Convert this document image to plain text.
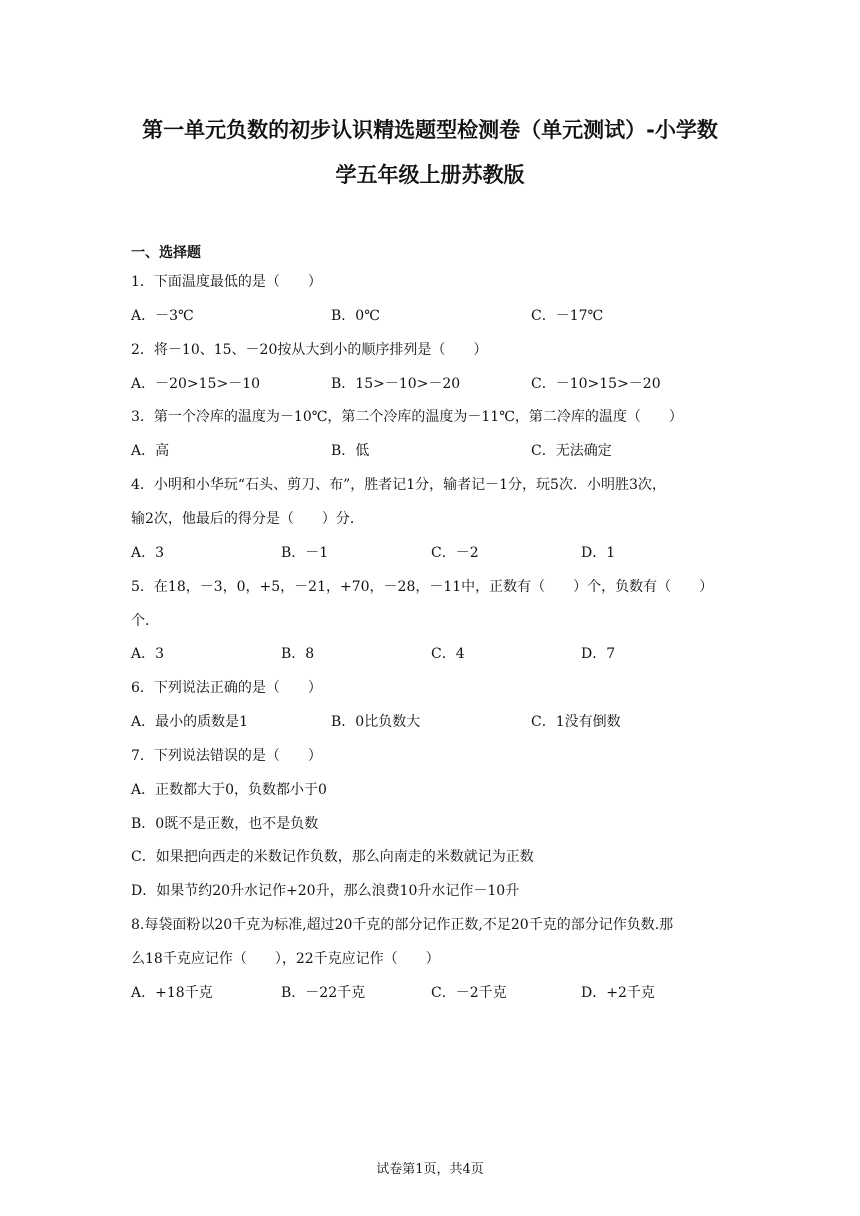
第一单元负数的初步认识精选题型检测卷（单元测试）-小学数
学五年级上册苏教版
一、选择题
1．下面温度最低的是（　　）
A．－3℃	B．0℃	C．－17℃
2．将－10、15、－20按从大到小的顺序排列是（　　）
A．－20>15>－10	B．15>－10>－20	C．－10>15>－20
3．第一个冷库的温度为－10℃，第二个冷库的温度为－11℃，第二冷库的温度（　　）
A．高	B．低	C．无法确定
4．小明和小华玩“石头、剪刀、布”，胜者记1分，输者记－1分，玩5次．小明胜3次，
输2次，他最后的得分是（　　）分．
A．3	B．－1	C．－2	D．1
5．在18，－3，0，+5，－21，+70，－28，－11中，正数有（　　）个，负数有（　　）
个．
A．3	B．8	C．4	D．7
6．下列说法正确的是（　　）
A．最小的质数是1	B．0比负数大	C．1没有倒数
7．下列说法错误的是（　　）
A．正数都大于0，负数都小于0
B．0既不是正数，也不是负数
C．如果把向西走的米数记作负数，那么向南走的米数就记为正数
D．如果节约20升水记作+20升，那么浪费10升水记作－10升
8.每袋面粉以20千克为标准,超过20千克的部分记作正数,不足20千克的部分记作负数.那
么18千克应记作（　　），22千克应记作（　　）
A．+18千克	B．－22千克	C．－2千克	D．+2千克
试卷第1页，共4页
